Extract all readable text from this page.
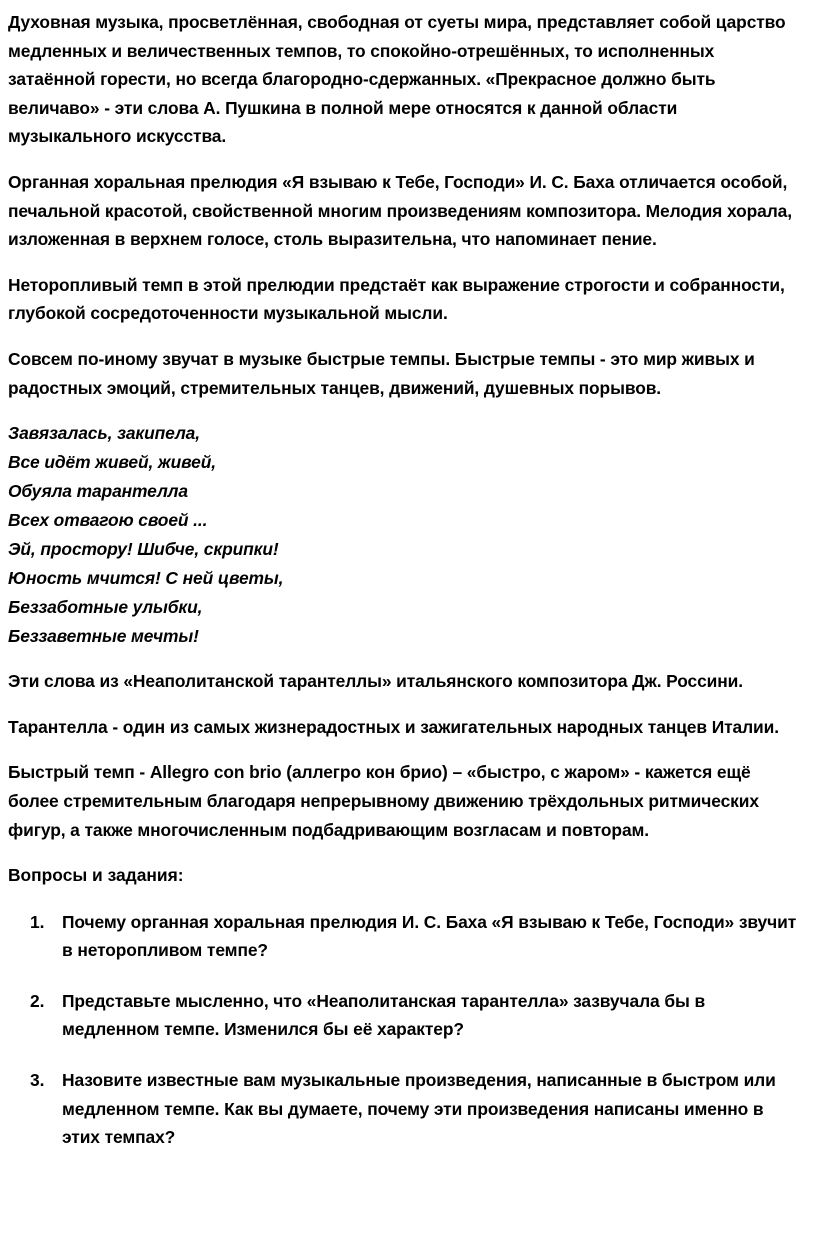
Духовная музыка, просветлённая, свободная от суеты мира, представляет собой царство медленных и величественных темпов, то спокойно-отрешённых, то исполненных затаённой горести, но всегда благородно-сдержанных. «Прекрасное должно быть величаво» - эти слова А. Пушкина в полной мере относятся к данной области музыкального искусства.

Органная хоральная прелюдия «Я взываю к Тебе, Господи» И. С. Баха отличается особой, печальной красотой, свойственной многим произведениям композитора. Мелодия хорала, изложенная в верхнем голосе, столь выразительна, что напоминает пение.

Неторопливый темп в этой прелюдии предстаёт как выражение строгости и собранности, глубокой сосредоточенности музыкальной мысли.

Совсем по-иному звучат в музыке быстрые темпы. Быстрые темпы - это мир живых и радостных эмоций, стремительных танцев, движений, душевных порывов.

Завязалась, закипела,
Все идёт живей, живей,
Обуяла тарантелла
Всех отвагою своей ...
Эй, простору! Шибче, скрипки!
Юность мчится! С ней цветы,
Беззаботные улыбки,
Беззаветные мечты!

Эти слова из «Неаполитанской тарантеллы» итальянского композитора Дж. Россини.

Тарантелла - один из самых жизнерадостных и зажигательных народных танцев Италии.

Быстрый темп - Allegro con brio (аллегро кон брио) – «быстро, с жаром» - кажется ещё более стремительным благодаря непрерывному движению трёхдольных ритмических фигур, а также многочисленным подбадривающим возгласам и повторам.

Вопросы и задания:

1. Почему органная хоральная прелюдия И. С. Баха «Я взываю к Тебе, Господи» звучит в неторопливом темпе?
2. Представьте мысленно, что «Неаполитанская тарантелла» зазвучала бы в медленном темпе. Изменился бы её характер?
3. Назовите известные вам музыкальные произведения, написанные в быстром или медленном темпе. Как вы думаете, почему эти произведения написаны именно в этих темпах?
